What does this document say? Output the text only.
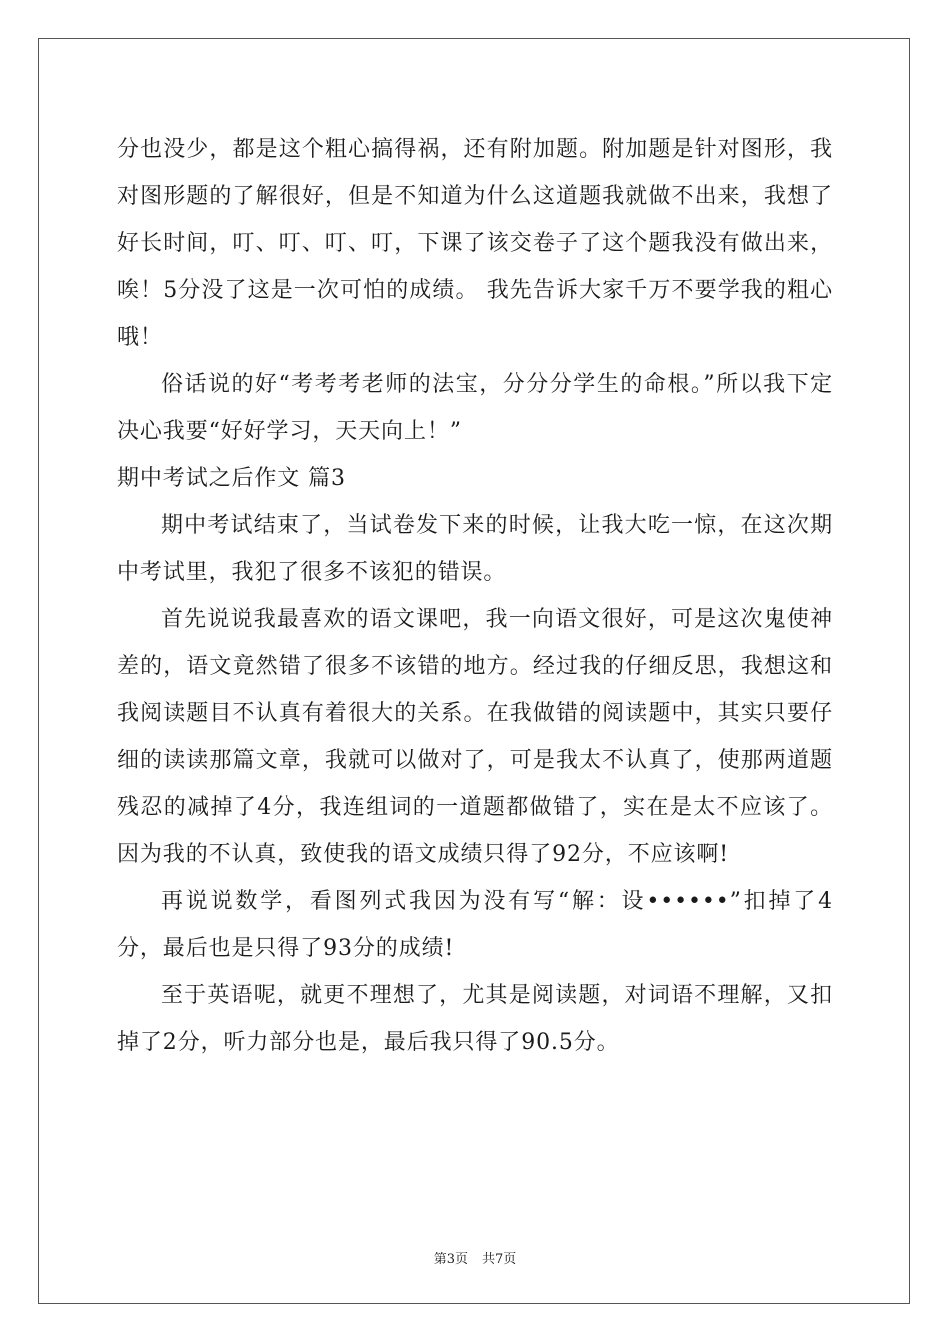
分也没少，都是这个粗心搞得祸，还有附加题。附加题是针对图形，我对图形题的了解很好，但是不知道为什么这道题我就做不出来，我想了好长时间，叮、叮、叮、叮，下课了该交卷子了这个题我没有做出来，唉！5分没了这是一次可怕的成绩。 我先告诉大家千万不要学我的粗心哦！

俗话说的好“考考考老师的法宝，分分分学生的命根。”所以我下定决心我要“好好学习，天天向上！”

期中考试之后作文 篇3

期中考试结束了，当试卷发下来的时候，让我大吃一惊，在这次期中考试里，我犯了很多不该犯的错误。

首先说说我最喜欢的语文课吧，我一向语文很好，可是这次鬼使神差的，语文竟然错了很多不该错的地方。经过我的仔细反思，我想这和我阅读题目不认真有着很大的关系。在我做错的阅读题中，其实只要仔细的读读那篇文章，我就可以做对了，可是我太不认真了，使那两道题残忍的减掉了4分，我连组词的一道题都做错了，实在是太不应该了。因为我的不认真，致使我的语文成绩只得了92分，不应该啊!

再说说数学，看图列式我因为没有写“解：设••••••”扣掉了4分，最后也是只得了93分的成绩!

至于英语呢，就更不理想了，尤其是阅读题，对词语不理解，又扣掉了2分，听力部分也是，最后我只得了90.5分。

第3页 共7页
